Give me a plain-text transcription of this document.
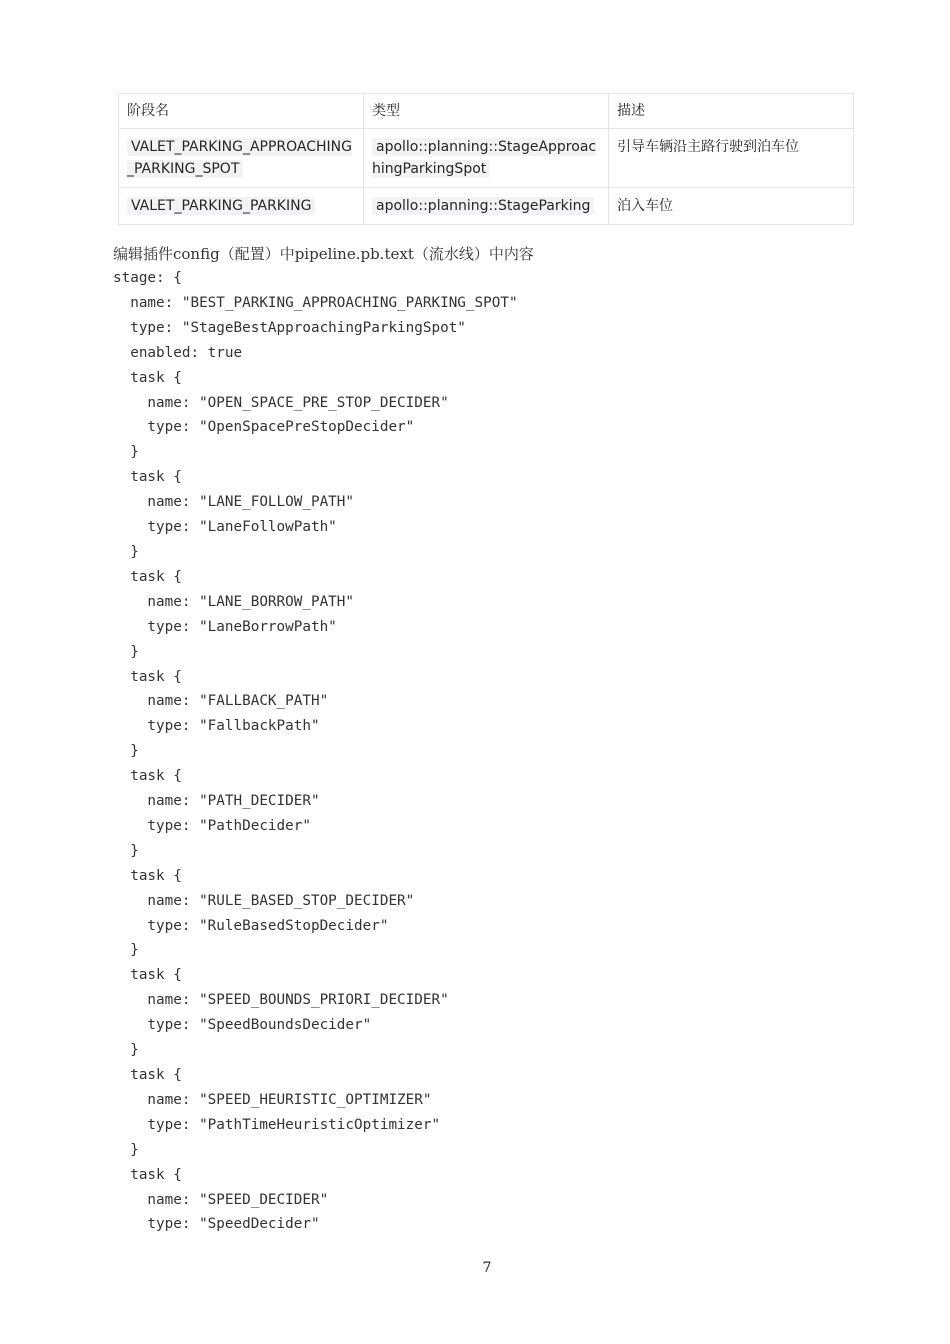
阶段名	类型	描述
VALET_PARKING_APPROACHING_PARKING_SPOT	apollo::planning::StageApproachingParkingSpot	引导车辆沿主路行驶到泊车位
VALET_PARKING_PARKING	apollo::planning::StageParking	泊入车位
编辑插件config（配置）中pipeline.pb.text（流水线）中内容
stage: {
name: "BEST_PARKING_APPROACHING_PARKING_SPOT"
type: "StageBestApproachingParkingSpot"
enabled: true
task {
name: "OPEN_SPACE_PRE_STOP_DECIDER"
type: "OpenSpacePreStopDecider"
}
task {
name: "LANE_FOLLOW_PATH"
type: "LaneFollowPath"
}
task {
name: "LANE_BORROW_PATH"
type: "LaneBorrowPath"
}
task {
name: "FALLBACK_PATH"
type: "FallbackPath"
}
task {
name: "PATH_DECIDER"
type: "PathDecider"
}
task {
name: "RULE_BASED_STOP_DECIDER"
type: "RuleBasedStopDecider"
}
task {
name: "SPEED_BOUNDS_PRIORI_DECIDER"
type: "SpeedBoundsDecider"
}
task {
name: "SPEED_HEURISTIC_OPTIMIZER"
type: "PathTimeHeuristicOptimizer"
}
task {
name: "SPEED_DECIDER"
type: "SpeedDecider"
7
